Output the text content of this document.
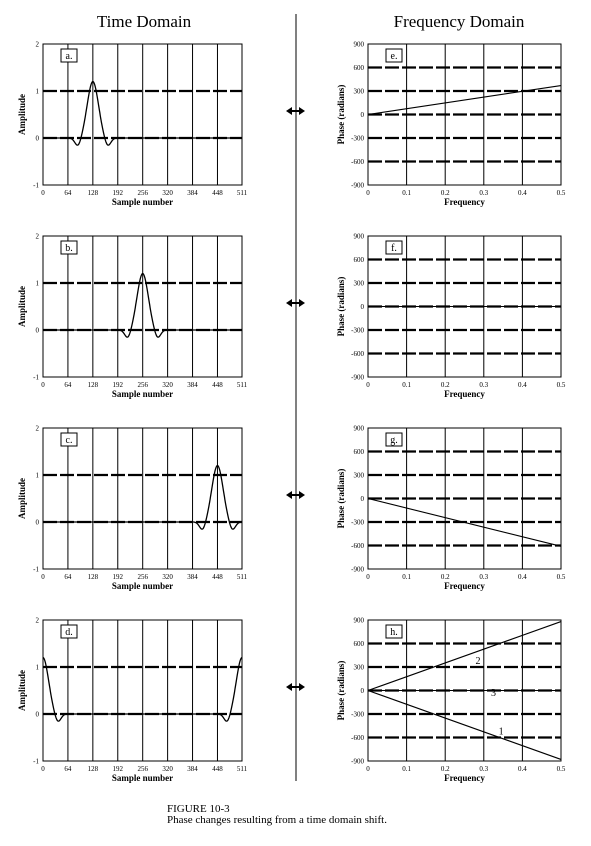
Time Domain	Frequency Domain
0	64 128 192 256 320 384 448 511
-1
0
1
2
Sample number
Amplitude
a.
0	0.1	0.2	0.3	0.4	0.5
-900
-600
-300
0
300
600
900
Frequency
Phase (radians)
e.
0	64 128 192 256 320 384 448 511
-1
0
1
2
Sample number
Amplitude
b.
0	0.1	0.2	0.3	0.4	0.5
-900
-600
-300
0
300
600
900
Frequency
Phase (radians)
f.
0	64 128 192 256 320 384 448 511
-1
0
1
2
Sample number
Amplitude
c.
0	0.1	0.2	0.3	0.4	0.5
-900
-600
-300
0
300
600
900
Frequency
Phase (radians)
g.
0	64 128 192 256 320 384 448 511
-1
0
1
2
Sample number
Amplitude
d.
0	0.1	0.2	0.3	0.4	0.5
-900
-600
-300
0
300
600
900
Frequency
Phase (radians)
h.
2
3
1
FIGURE 10-3
Phase changes resulting from a time domain shift.
